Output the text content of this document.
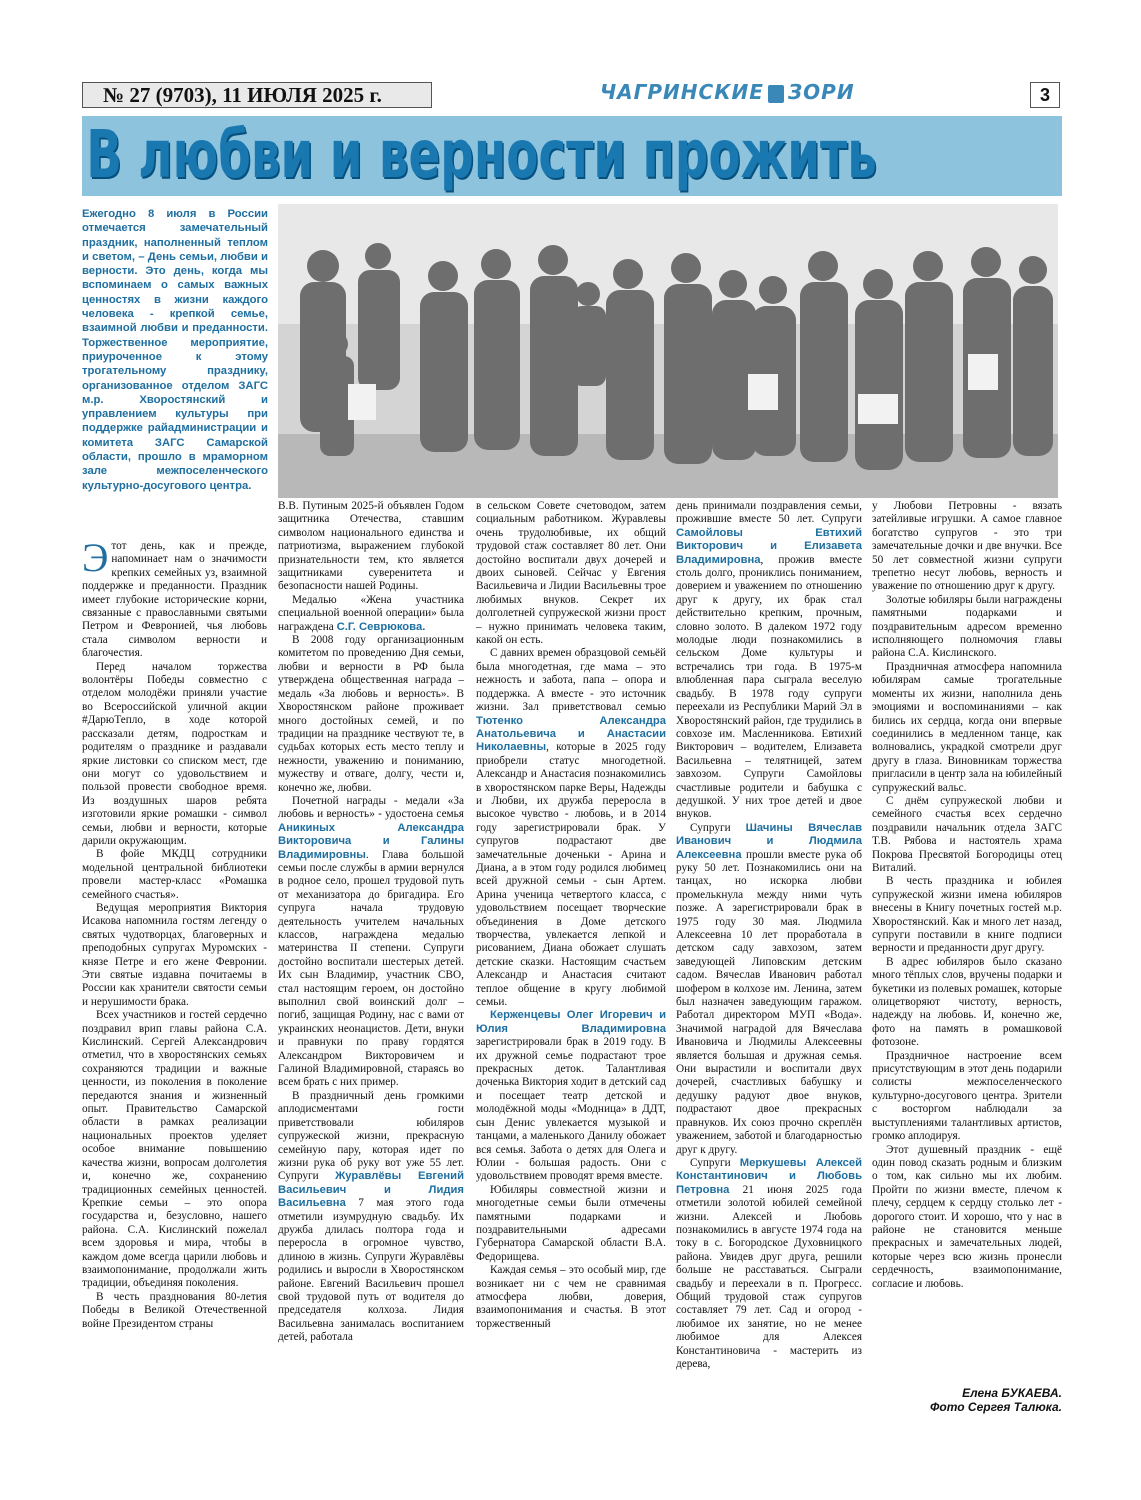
№ 27 (9703), 11 ИЮЛЯ 2025 г.	ЧАГРИНСКИЕ ЗОРИ	3
В любви и верности прожить
Ежегодно 8 июля в России отмечается замечательный праздник, наполненный теплом и светом, – День семьи, любви и верности. Это день, когда мы вспоминаем о самых важных ценностях в жизни каждого человека - крепкой семье, взаимной любви и преданности. Торжественное мероприятие, приуроченное к этому трогательному празднику, организованное отделом ЗАГС м.р. Хворостянский и управлением культуры при поддержке райадминистрации и комитета ЗАГС Самарской области, прошло в мраморном зале межпоселенческого культурно-досугового центра.

Этот день, как и прежде, напоминает нам о значимости крепких семейных уз, взаимной поддержке и преданности. Праздник имеет глубокие исторические корни, связанные с православными святыми Петром и Февронией, чья любовь стала символом верности и благочестия.

Перед началом торжества волонтёры Победы совместно с отделом молодёжи приняли участие во Всероссийской уличной акции #ДарюТепло, в ходе которой рассказали детям, подросткам и родителям о празднике и раздавали яркие листовки со списком мест, где они могут со удовольствием и пользой провести свободное время. Из воздушных шаров ребята изготовили яркие ромашки - символ семьи, любви и верности, которые дарили окружающим.

В фойе МКДЦ сотрудники модельной центральной библиотеки провели мастер-класс «Ромашка семейного счастья».

Ведущая мероприятия Виктория Исакова напомнила гостям легенду о святых чудотворцах, благоверных и преподобных супругах Муромских - князе Петре и его жене Февронии. Эти святые издавна почитаемы в России как хранители святости семьи и нерушимости брака.

Всех участников и гостей сердечно поздравил врип главы района С.А. Кислинский. Сергей Александрович отметил, что в хворостянских семьях сохраняются традиции и важные ценности, из поколения в поколение передаются знания и жизненный опыт. Правительство Самарской области в рамках реализации национальных проектов уделяет особое внимание повышению качества жизни, вопросам долголетия и, конечно же, сохранению традиционных семейных ценностей. Крепкие семьи – это опора государства и, безусловно, нашего района. С.А. Кислинский пожелал всем здоровья и мира, чтобы в каждом доме всегда царили любовь и взаимопонимание, продолжали жить традиции, объединяя поколения.

В честь празднования 80-летия Победы в Великой Отечественной войне Президентом страны

В.В. Путиным 2025-й объявлен Годом защитника Отечества, ставшим символом национального единства и патриотизма, выражением глубокой признательности тем, кто является защитниками суверенитета и безопасности нашей Родины.

Медалью «Жена участника специальной военной операции» была награждена С.Г. Севрюкова.

В 2008 году организационным комитетом по проведению Дня семьи, любви и верности в РФ была утверждена общественная награда – медаль «За любовь и верность». В Хворостянском районе проживает много достойных семей, и по традиции на празднике чествуют те, в судьбах которых есть место теплу и нежности, уважению и пониманию, мужеству и отваге, долгу, чести и, конечно же, любви.

Почетной награды - медали «За любовь и верность» - удостоена семья Аникиных Александра Викторовича и Галины Владимировны. Глава большой семьи после службы в армии вернулся в родное село, прошел трудовой путь от механизатора до бригадира. Его супруга начала трудовую деятельность учителем начальных классов, награждена медалью материнства II степени. Супруги достойно воспитали шестерых детей. Их сын Владимир, участник СВО, стал настоящим героем, он достойно выполнил свой воинский долг – погиб, защищая Родину, нас с вами от украинских неонацистов. Дети, внуки и правнуки по праву гордятся Александром Викторовичем и Галиной Владимировной, стараясь во всем брать с них пример.

В праздничный день громкими аплодисментами гости приветствовали юбиляров супружеской жизни, прекрасную семейную пару, которая идет по жизни рука об руку вот уже 55 лет. Супруги Журавлёвы Евгений Васильевич и Лидия Васильевна 7 мая этого года отметили изумрудную свадьбу. Их дружба длилась полтора года и переросла в огромное чувство, длиною в жизнь. Супруги Журавлёвы родились и выросли в Хворостянском районе. Евгений Васильевич прошел свой трудовой путь от водителя до председателя колхоза. Лидия Васильевна занималась воспитанием детей, работала

в сельском Совете счетоводом, затем социальным работником. Журавлевы очень трудолюбивые, их общий трудовой стаж составляет 80 лет. Они достойно воспитали двух дочерей и двоих сыновей. Сейчас у Евгения Васильевича и Лидии Васильевны трое любимых внуков. Секрет их долголетней супружеской жизни прост – нужно принимать человека таким, какой он есть.

С давних времен образцовой семьёй была многодетная, где мама – это нежность и забота, папа – опора и поддержка. А вместе - это источник жизни. Зал приветствовал семью Тютенко Александра Анатольевича и Анастасии Николаевны, которые в 2025 году приобрели статус многодетной. Александр и Анастасия познакомились в хворостянском парке Веры, Надежды и Любви, их дружба переросла в высокое чувство - любовь, и в 2014 году зарегистрировали брак. У супругов подрастают две замечательные доченьки - Арина и Диана, а в этом году родился любимец всей дружной семьи - сын Артем. Арина ученица четвертого класса, с удовольствием посещает творческие объединения в Доме детского творчества, увлекается лепкой и рисованием, Диана обожает слушать детские сказки. Настоящим счастьем Александр и Анастасия считают теплое общение в кругу любимой семьи.

Керженцевы Олег Игоревич и Юлия Владимировна зарегистрировали брак в 2019 году. В их дружной семье подрастают трое прекрасных деток. Талантливая доченька Виктория ходит в детский сад и посещает театр детской и молодёжной моды «Модница» в ДДТ, сын Денис увлекается музыкой и танцами, а маленького Данилу обожает вся семья. Забота о детях для Олега и Юлии - большая радость. Они с удовольствием проводят время вместе.

Юбиляры совместной жизни и многодетные семьи были отмечены памятными подарками и поздравительными адресами Губернатора Самарской области В.А. Федорищева.

Каждая семья – это особый мир, где возникает ни с чем не сравнимая атмосфера любви, доверия, взаимопонимания и счастья. В этот торжественный

день принимали поздравления семьи, прожившие вместе 50 лет. Супруги Самойловы Евтихий Викторович и Елизавета Владимировна, прожив вместе столь долго, прониклись пониманием, доверием и уважением по отношению друг к другу, их брак стал действительно крепким, прочным, словно золото. В далеком 1972 году молодые люди познакомились в сельском Доме культуры и встречались три года. В 1975-м влюбленная пара сыграла веселую свадьбу. В 1978 году супруги переехали из Республики Марий Эл в Хворостянский район, где трудились в совхозе им. Масленникова. Евтихий Викторович – водителем, Елизавета Васильевна – телятницей, затем завхозом. Супруги Самойловы счастливые родители и бабушка с дедушкой. У них трое детей и двое внуков.

Супруги Шачины Вячеслав Иванович и Людмила Алексеевна прошли вместе рука об руку 50 лет. Познакомились они на танцах, но искорка любви промелькнула между ними чуть позже. А зарегистрировали брак в 1975 году 30 мая. Людмила Алексеевна 10 лет проработала в детском саду завхозом, затем заведующей Липовским детским садом. Вячеслав Иванович работал шофером в колхозе им. Ленина, затем был назначен заведующим гаражом. Работал директором МУП «Вода». Значимой наградой для Вячеслава Ивановича и Людмилы Алексеевны является большая и дружная семья. Они вырастили и воспитали двух дочерей, счастливых бабушку и дедушку радуют двое внуков, подрастают двое прекрасных правнуков. Их союз прочно скреплён уважением, заботой и благодарностью друг к другу.

Супруги Меркушевы Алексей Константинович и Любовь Петровна 21 июня 2025 года отметили золотой юбилей семейной жизни. Алексей и Любовь познакомились в августе 1974 года на току в с. Богородское Духовницкого района. Увидев друг друга, решили больше не расставаться. Сыграли свадьбу и переехали в п. Прогресс. Общий трудовой стаж супругов составляет 79 лет. Сад и огород - любимое их занятие, но не менее любимое для Алексея Константиновича - мастерить из дерева,

у Любови Петровны - вязать затейливые игрушки. А самое главное богатство супругов - это три замечательные дочки и две внучки. Все 50 лет совместной жизни супруги трепетно несут любовь, верность и уважение по отношению друг к другу.

Золотые юбиляры были награждены памятными подарками и поздравительным адресом временно исполняющего полномочия главы района С.А. Кислинского.

Праздничная атмосфера напомнила юбилярам самые трогательные моменты их жизни, наполнила день эмоциями и воспоминаниями – как бились их сердца, когда они впервые соединились в медленном танце, как волновались, украдкой смотрели друг другу в глаза. Виновникам торжества пригласили в центр зала на юбилейный супружеский вальс.

С днём супружеской любви и семейного счастья всех сердечно поздравили начальник отдела ЗАГС Т.В. Рябова и настоятель храма Покрова Пресвятой Богородицы отец Виталий.

В честь праздника и юбилея супружеской жизни имена юбиляров внесены в Книгу почетных гостей м.р. Хворостянский. Как и много лет назад, супруги поставили в книге подписи верности и преданности друг другу.

В адрес юбиляров было сказано много тёплых слов, вручены подарки и букетики из полевых ромашек, которые олицетворяют чистоту, верность, надежду на любовь. И, конечно же, фото на память в ромашковой фотозоне.

Праздничное настроение всем присутствующим в этот день подарили солисты межпоселенческого культурно-досугового центра. Зрители с восторгом наблюдали за выступлениями талантливых артистов, громко аплодируя.

Этот душевный праздник - ещё один повод сказать родным и близким о том, как сильно мы их любим. Пройти по жизни вместе, плечом к плечу, сердцем к сердцу столько лет - дорогого стоит. И хорошо, что у нас в районе не становится меньше прекрасных и замечательных людей, которые через всю жизнь пронесли сердечность, взаимопонимание, согласие и любовь.

Елена БУКАЕВА.
Фото Сергея Талюка.
